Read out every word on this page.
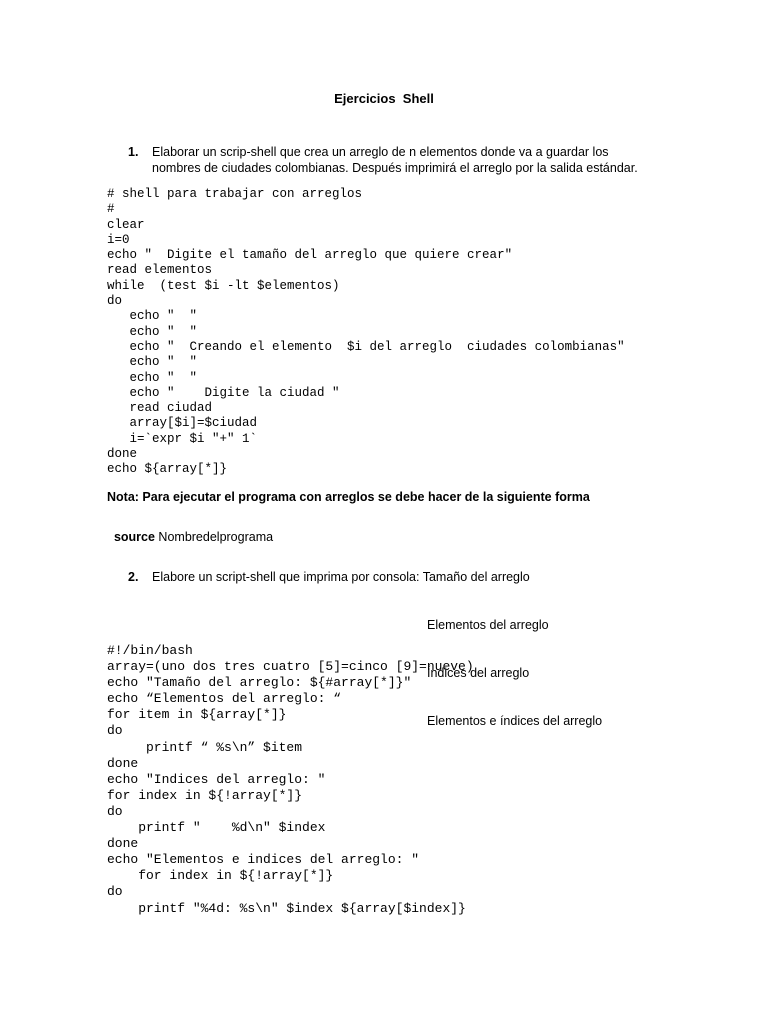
Ejercicios  Shell
1. Elaborar un scrip-shell que crea un arreglo de n elementos donde va a guardar los
nombres de ciudades colombianas. Después imprimirá el arreglo por la salida estándar.
# shell para trabajar con arreglos
#
clear
i=0
echo "  Digite el tamaño del arreglo que quiere crear"
read elementos
while  (test $i -lt $elementos)
do
echo "  "
echo "  "
echo "  Creando el elemento  $i del arreglo  ciudades colombianas"
echo "  "
echo "  "
echo "    Digite la ciudad "
read ciudad
array[$i]=$ciudad
i=`expr $i "+" 1`
done
echo ${array[*]}
Nota: Para ejecutar el programa con arreglos se debe hacer de la siguiente forma

source Nombredelprograma

2. Elabore un script-shell que imprima por consola: Tamaño del arreglo

Elementos del arreglo

Índices del arreglo

Elementos e índices del arreglo

#!/bin/bash
array=(uno dos tres cuatro [5]=cinco [9]=nueve)
echo "Tamaño del arreglo: ${#array[*]}"
echo “Elementos del arreglo: “
for item in ${array[*]}
do
printf “ %s\n” $item
done
echo "Indices del arreglo: "
for index in ${!array[*]}
do
printf "    %d\n" $index
done
echo "Elementos e indices del arreglo: "
for index in ${!array[*]}
do
printf "%4d: %s\n" $index ${array[$index]}
